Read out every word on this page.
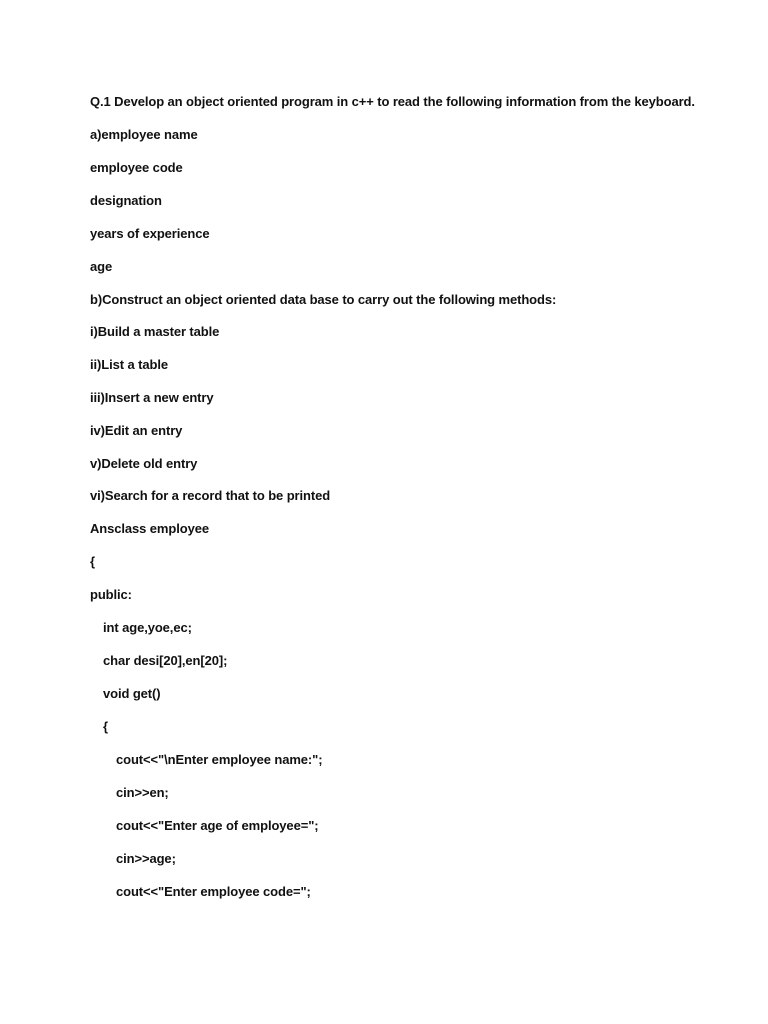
Q.1 Develop an object oriented program in c++ to read the following information from the keyboard.
a)employee name
employee code
designation
years of experience
age
b)Construct an object oriented data base to carry out the following methods:
i)Build a master table
ii)List a table
iii)Insert a new entry
iv)Edit an entry
v)Delete old entry
vi)Search for a record that to be printed
Ansclass employee
{
public:
int age,yoe,ec;
char desi[20],en[20];
void get()
{
cout<<"\nEnter employee name:";
cin>>en;
cout<<"Enter age of employee=";
cin>>age;
cout<<"Enter employee code=";
